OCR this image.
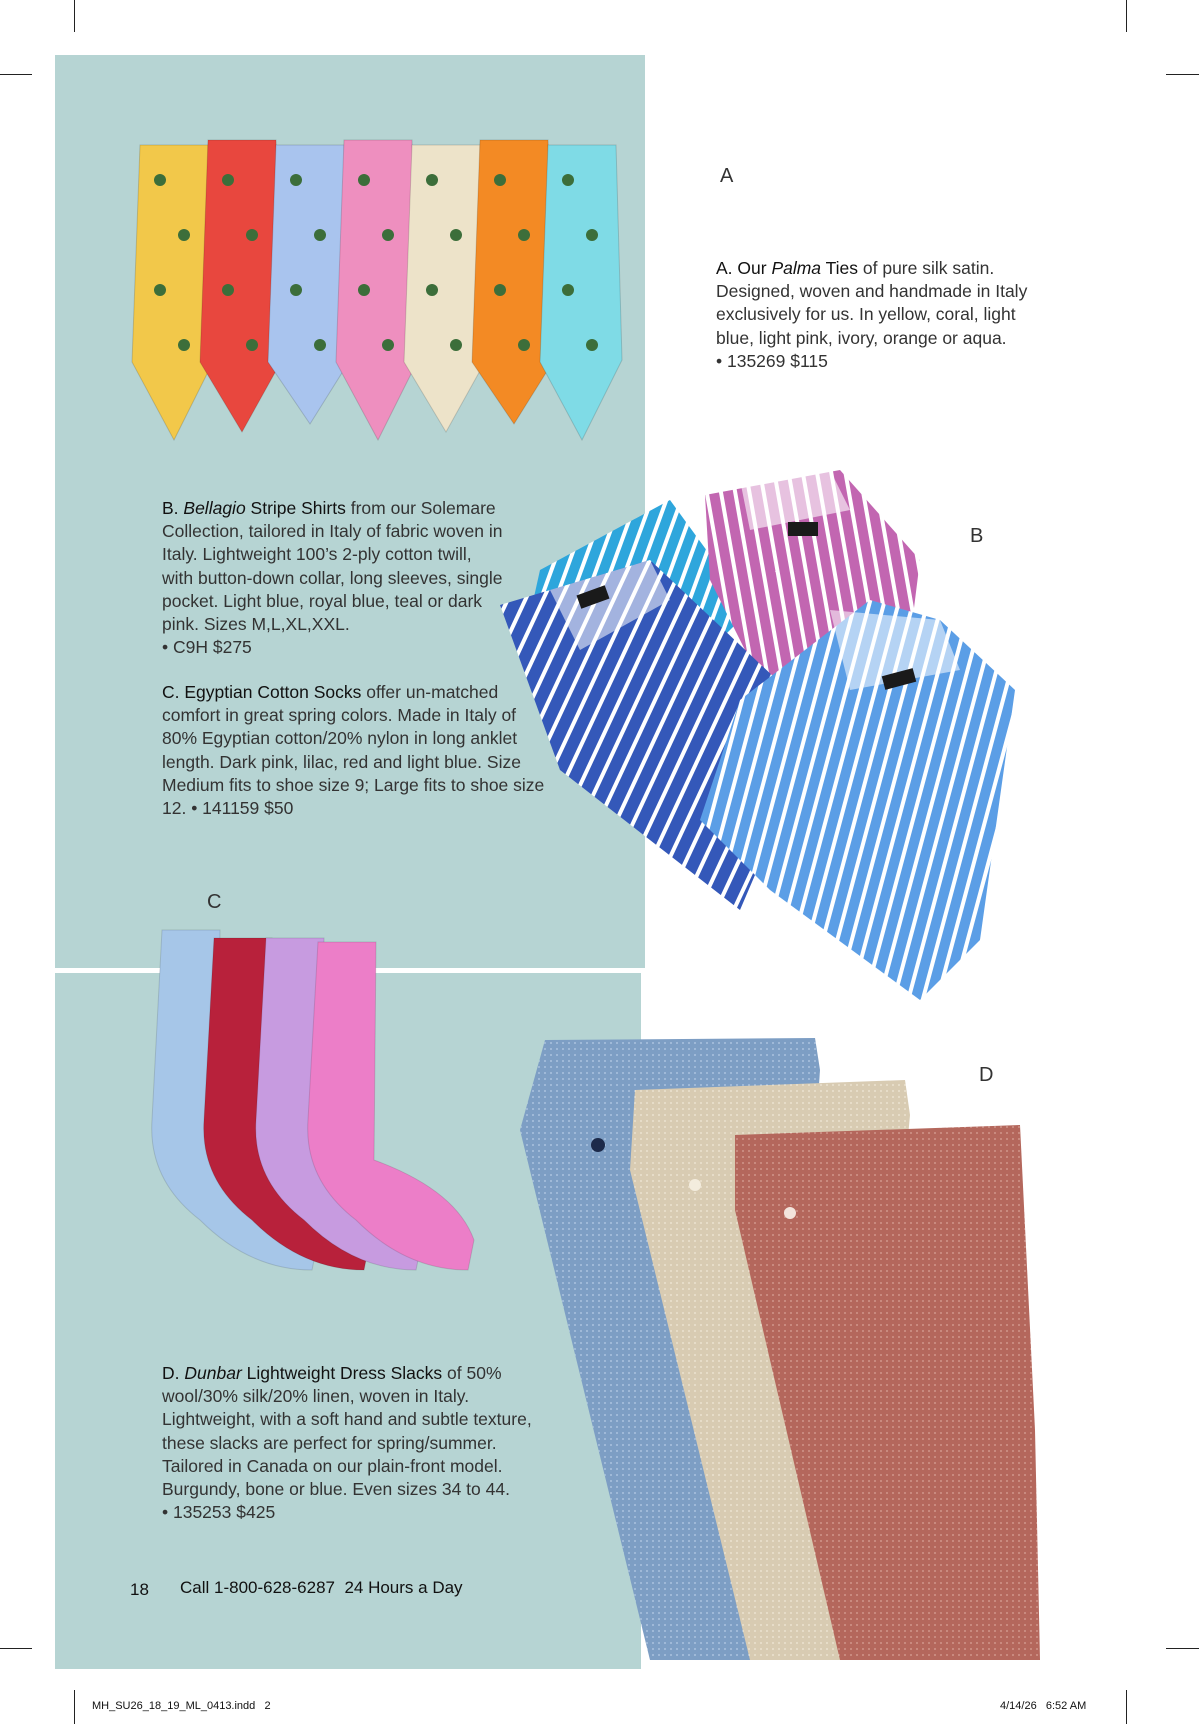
A
B
C
D
A. Our Palma Ties of pure silk satin. Designed, woven and handmade in Italy exclusively for us. In yellow, coral, light blue, light pink, ivory, orange or aqua.
• 135269 $115
B. Bellagio Stripe Shirts from our Solemare Collection, tailored in Italy of fabric woven in Italy. Lightweight 100’s 2-ply cotton twill, with button-down collar, long sleeves, single pocket. Light blue, royal blue, teal or dark pink. Sizes M,L,XL,XXL.
• C9H $275
C. Egyptian Cotton Socks offer un-matched comfort in great spring colors. Made in Italy of 80% Egyptian cotton/20% nylon in long anklet length. Dark pink, lilac, red and light blue. Size Medium fits to shoe size 9; Large fits to shoe size 12. • 141159 $50
D. Dunbar Lightweight Dress Slacks of 50% wool/30% silk/20% linen, woven in Italy. Lightweight, with a soft hand and subtle texture, these slacks are perfect for spring/summer. Tailored in Canada on our plain-front model. Burgundy, bone or blue. Even sizes 34 to 44.
• 135253 $425
18 Call 1-800-628-6287  24 Hours a Day
MH_SU26_18_19_ML_0413.indd   2	4/14/26   6:52 AM
